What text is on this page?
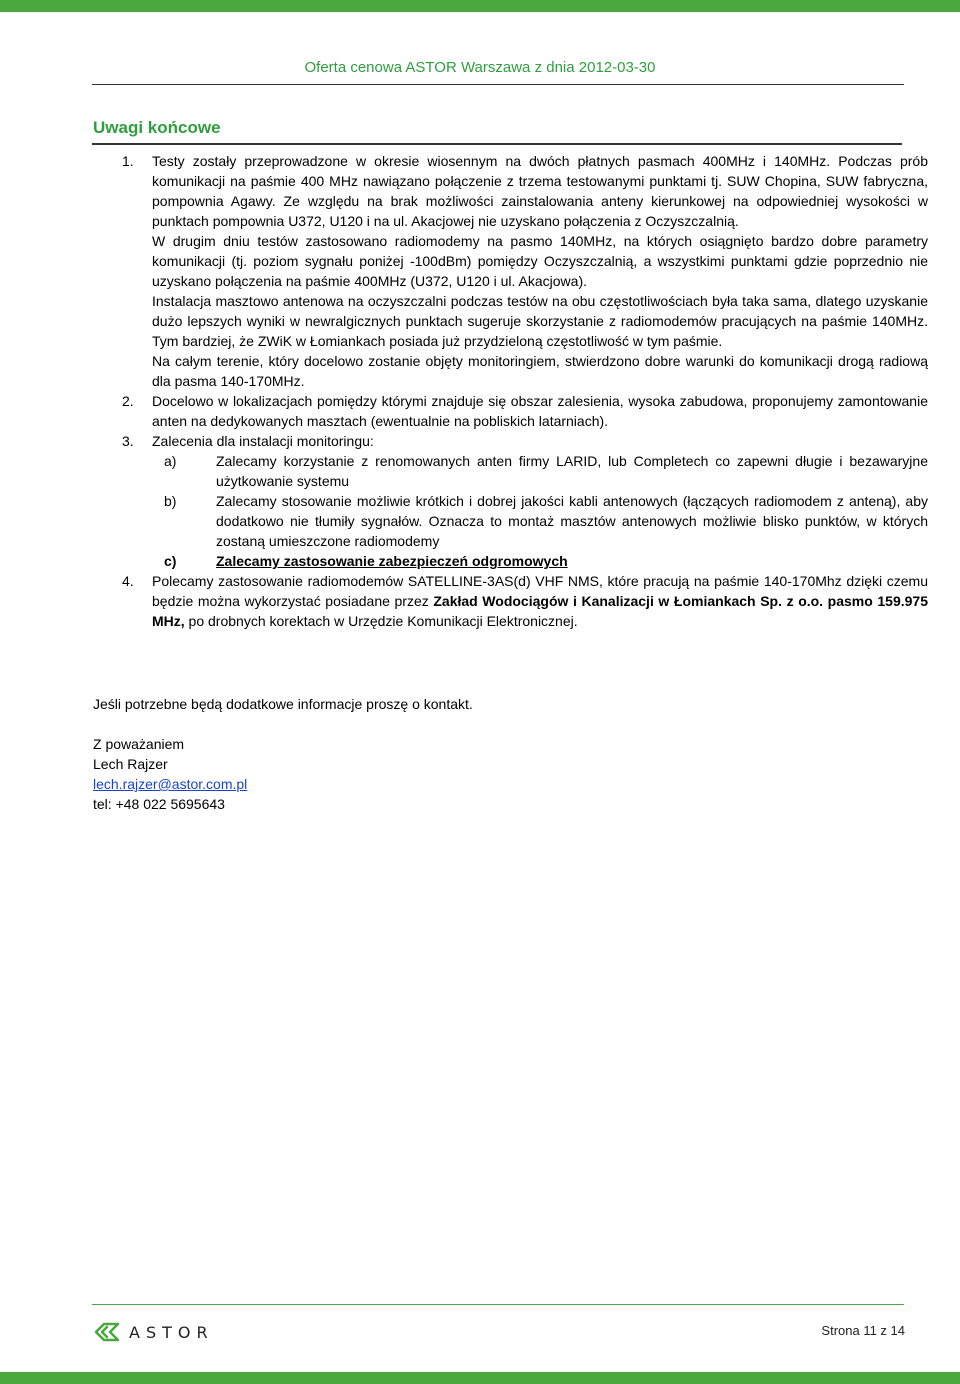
Oferta cenowa ASTOR Warszawa z dnia 2012-03-30
Uwagi końcowe
1. Testy zostały przeprowadzone w okresie wiosennym na dwóch płatnych pasmach 400MHz i 140MHz. Podczas prób komunikacji na paśmie 400 MHz nawiązano połączenie z trzema testowanymi punktami tj. SUW Chopina, SUW fabryczna, pompownia Agawy. Ze względu na brak możliwości zainstalowania anteny kierunkowej na odpowiedniej wysokości w punktach pompownia U372, U120 i na ul. Akacjowej nie uzyskano połączenia z Oczyszczalnią.
W drugim dniu testów zastosowano radiomodemy na pasmo 140MHz, na których osiągnięto bardzo dobre parametry komunikacji (tj. poziom sygnału poniżej -100dBm) pomiędzy Oczyszczalnią, a wszystkimi punktami gdzie poprzednio nie uzyskano połączenia na paśmie 400MHz (U372, U120 i ul. Akacjowa).
Instalacja masztowo antenowa na oczyszczalni podczas testów na obu częstotliwościach była taka sama, dlatego uzyskanie dużo lepszych wyniki w newralgicznych punktach sugeruje skorzystanie z radiomodemów pracujących na paśmie 140MHz. Tym bardziej, że ZWiK w Łomiankach posiada już przydzieloną częstotliwość w tym paśmie.
Na całym terenie, który docelowo zostanie objęty monitoringiem, stwierdzono dobre warunki do komunikacji drogą radiową dla pasma 140-170MHz.
2. Docelowo w lokalizacjach pomiędzy którymi znajduje się obszar zalesienia, wysoka zabudowa, proponujemy zamontowanie anten na dedykowanych masztach (ewentualnie na pobliskich latarniach).
3. Zalecenia dla instalacji monitoringu:
a)	Zalecamy korzystanie z renomowanych anten firmy LARID, lub Completech co zapewni długie i bezawaryjne użytkowanie systemu
b)	Zalecamy stosowanie możliwie krótkich i dobrej jakości kabli antenowych (łączących radiomodem z anteną), aby dodatkowo nie tłumiły sygnałów. Oznacza to montaż masztów antenowych możliwie blisko punktów, w których zostaną umieszczone radiomodemy
c)	Zalecamy zastosowanie zabezpieczeń odgromowych
4. Polecamy zastosowanie radiomodemów SATELLINE-3AS(d) VHF NMS, które pracują na paśmie 140-170Mhz dzięki czemu będzie można wykorzystać posiadane przez Zakład Wodociągów i Kanalizacji w Łomiankach Sp. z o.o. pasmo 159.975 MHz, po drobnych korektach w Urzędzie Komunikacji Elektronicznej.
Jeśli potrzebne będą dodatkowe informacje proszę o kontakt.
Z poważaniem
Lech Rajzer
lech.rajzer@astor.com.pl
tel: +48 022 5695643
ASTOR	Strona 11 z 14
